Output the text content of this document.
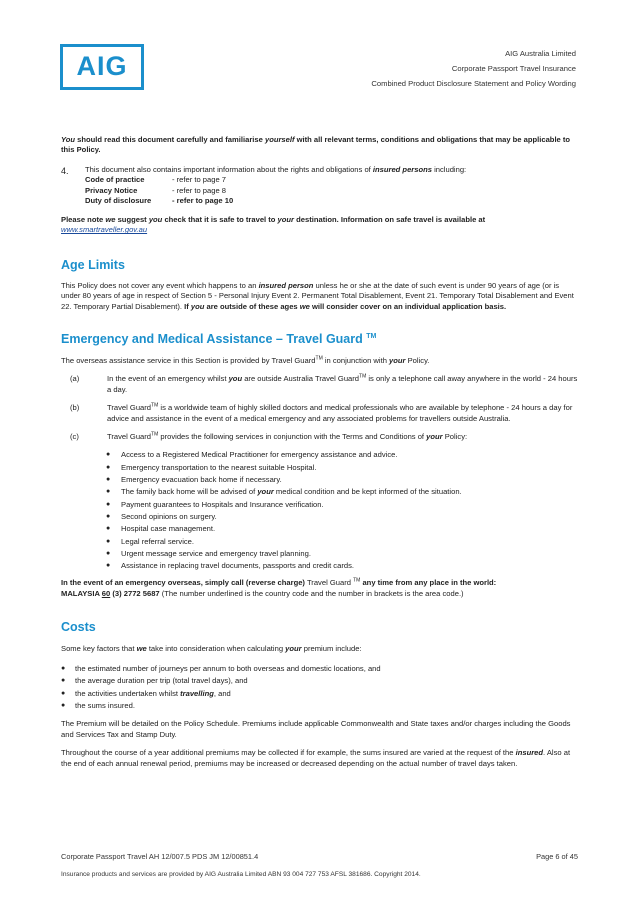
AIG	AIG Australia Limited
Corporate Passport Travel Insurance
Combined Product Disclosure Statement and Policy Wording
You should read this document carefully and familiarise yourself with all relevant terms, conditions and obligations that may be applicable to this Policy.
4.	This document also contains important information about the rights and obligations of insured persons including:
Code of practice	- refer to page 7
Privacy Notice	- refer to page 8
Duty of disclosure	- refer to page 10
Please note we suggest you check that it is safe to travel to your destination. Information on safe travel is available at
www.smartraveller.gov.au
Age Limits
This Policy does not cover any event which happens to an insured person unless he or she at the date of such event is under 90 years of age (or is under 80 years of age in respect of Section 5 - Personal Injury Event 2. Permanent Total Disablement, Event 21. Temporary Total Disablement and Event 22. Temporary Partial Disablement). If you are outside of these ages we will consider cover on an individual application basis.
Emergency and Medical Assistance – Travel Guard ™
The overseas assistance service in this Section is provided by Travel Guard™ in conjunction with your Policy.
(a)	In the event of an emergency whilst you are outside Australia Travel Guard™ is only a telephone call away anywhere in the world - 24 hours a day.
(b)	Travel Guard™ is a worldwide team of highly skilled doctors and medical professionals who are available by telephone - 24 hours a day for advice and assistance in the event of a medical emergency and any associated problems for travellers outside Australia.
(c)	Travel Guard™ provides the following services in conjunction with the Terms and Conditions of your Policy:
●	Access to a Registered Medical Practitioner for emergency assistance and advice.
●	Emergency transportation to the nearest suitable Hospital.
●	Emergency evacuation back home if necessary.
●	The family back home will be advised of your medical condition and be kept informed of the situation.
●	Payment guarantees to Hospitals and Insurance verification.
●	Second opinions on surgery.
●	Hospital case management.
●	Legal referral service.
●	Urgent message service and emergency travel planning.
●	Assistance in replacing travel documents, passports and credit cards.
In the event of an emergency overseas, simply call (reverse charge) Travel Guard ™ any time from any place in the world:
MALAYSIA 60 (3) 2772 5687 (The number underlined is the country code and the number in brackets is the area code.)
Costs
Some key factors that we take into consideration when calculating your premium include:
●	the estimated number of journeys per annum to both overseas and domestic locations, and
●	the average duration per trip (total travel days), and
●	the activities undertaken whilst travelling, and
●	the sums insured.
The Premium will be detailed on the Policy Schedule. Premiums include applicable Commonwealth and State taxes and/or charges including the Goods and Services Tax and Stamp Duty.
Throughout the course of a year additional premiums may be collected if for example, the sums insured are varied at the request of the insured. Also at the end of each annual renewal period, premiums may be increased or decreased depending on the actual number of travel days taken.
Corporate Passport Travel AH 12/007.5 PDS JM 12/00851.4	Page 6 of 45
Insurance products and services are provided by AIG Australia Limited ABN 93 004 727 753 AFSL 381686. Copyright 2014.
